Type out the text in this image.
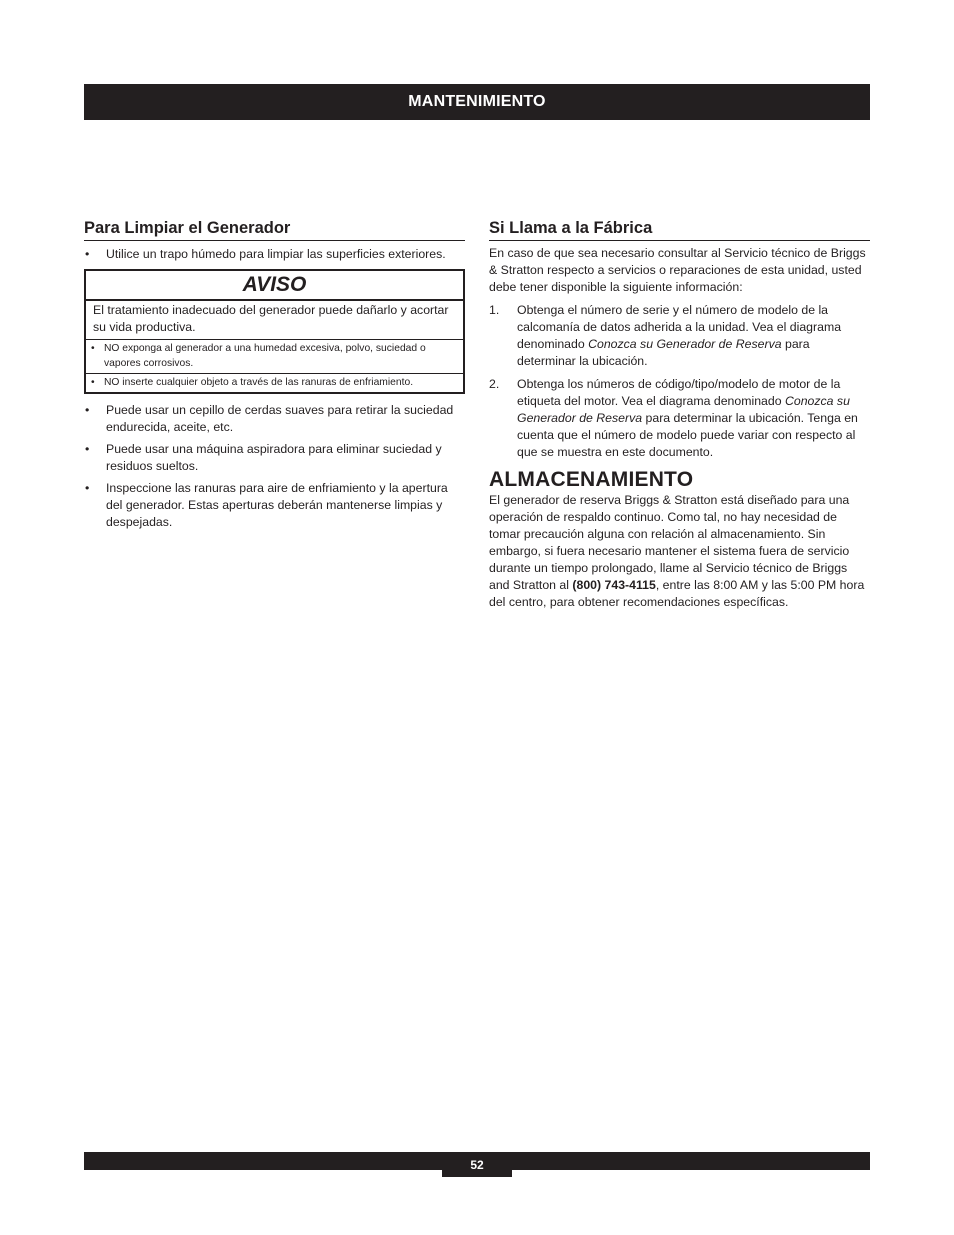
MANTENIMIENTO
Para Limpiar el Generador
• Utilice un trapo húmedo para limpiar las superficies exteriores.
AVISO
El tratamiento inadecuado del generador puede dañarlo y acortar su vida productiva.
• NO exponga al generador a una humedad excesiva, polvo, suciedad o vapores corrosivos.
• NO inserte cualquier objeto a través de las ranuras de enfriamiento.
• Puede usar un cepillo de cerdas suaves para retirar la suciedad endurecida, aceite, etc.
• Puede usar una máquina aspiradora para eliminar suciedad y residuos sueltos.
• Inspeccione las ranuras para aire de enfriamiento y la apertura del generador. Estas aperturas deberán mantenerse limpias y despejadas.
Si Llama a la Fábrica

En caso de que sea necesario consultar al Servicio técnico de Briggs & Stratton respecto a servicios o reparaciones de esta unidad, usted debe tener disponible la siguiente información:

1. Obtenga el número de serie y el número de modelo de la calcomanía de datos adherida a la unidad. Vea el diagrama denominado Conozca su Generador de Reserva para determinar la ubicación.
2. Obtenga los números de código/tipo/modelo de motor de la etiqueta del motor. Vea el diagrama denominado Conozca su Generador de Reserva para determinar la ubicación. Tenga en cuenta que el número de modelo puede variar con respecto al que se muestra en este documento.
ALMACENAMIENTO

El generador de reserva Briggs & Stratton está diseñado para una operación de respaldo continuo. Como tal, no hay necesidad de tomar precaución alguna con relación al almacenamiento. Sin embargo, si fuera necesario mantener el sistema fuera de servicio durante un tiempo prolongado, llame al Servicio técnico de Briggs and Stratton al (800) 743-4115, entre las 8:00 AM y las 5:00 PM hora del centro, para obtener recomendaciones específicas.

52
